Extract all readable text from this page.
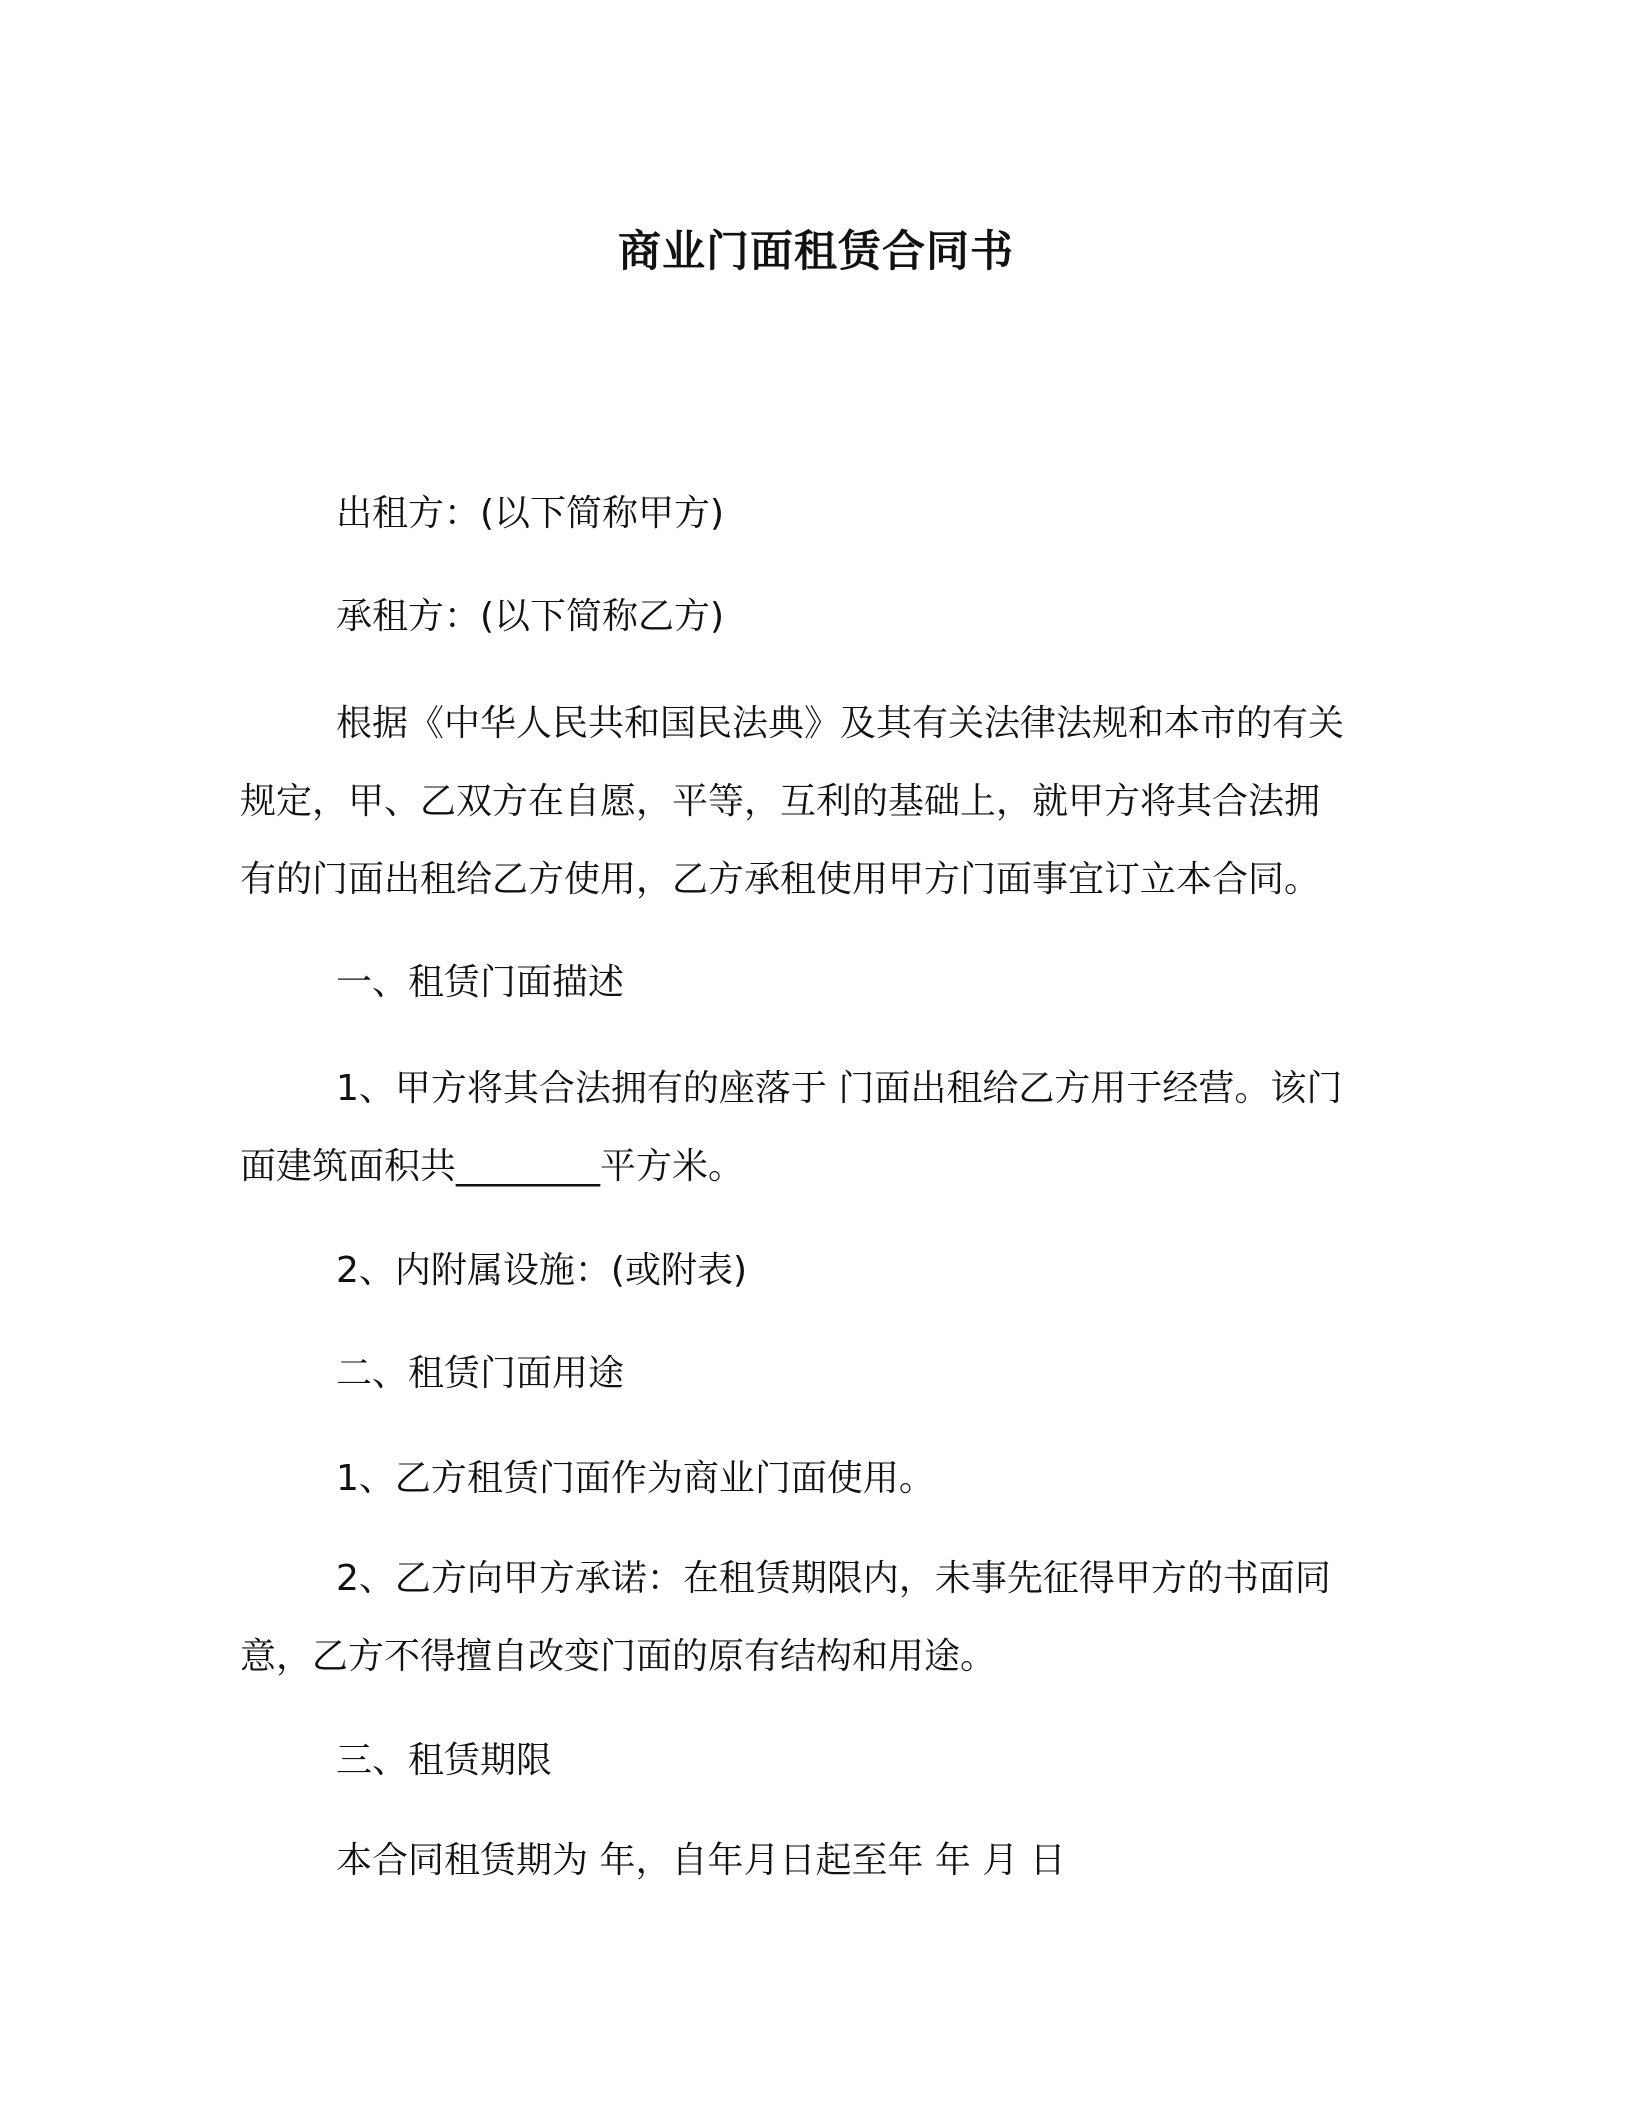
商业门面租赁合同书
出租方：(以下简称甲方)
承租方：(以下简称乙方)
根据《中华人民共和国民法典》及其有关法律法规和本市的有关
规定，甲、乙双方在自愿，平等，互利的基础上，就甲方将其合法拥
有的门面出租给乙方使用，乙方承租使用甲方门面事宜订立本合同。
一、租赁门面描述
1、甲方将其合法拥有的座落于 门面出租给乙方用于经营。该门
面建筑面积共________平方米。
2、内附属设施：(或附表)
二、租赁门面用途
1、乙方租赁门面作为商业门面使用。
2、乙方向甲方承诺：在租赁期限内，未事先征得甲方的书面同
意，乙方不得擅自改变门面的原有结构和用途。
三、租赁期限
本合同租赁期为 年，自年月日起至年 年 月 日
